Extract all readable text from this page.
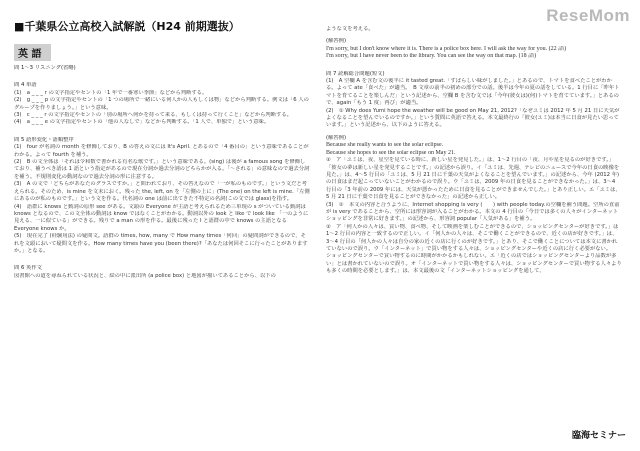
ReseMom
■千葉県公立高校入試解説（H24 前期選抜）
英 語
問 1〜3 リスニング(省略)
問 4 単語
(1)　a _ _ _ r の文字指定やセントの「1 年で一番寒い季節」などから判断する。
(2)　g _ _ _ p の文字指定やセントの「1 つの場所で一緒にいる何人かの人もしくは物」などから判断する。例文は「6 人のグループを作りましょう。」という意味。
(3)　c _ _ _ r の文字指定やセントの「別の場所へ何かを持って来る、もしくは持って行くこと」などから判断する。
(4)　a _ _ _ e の文字指定やセントの「他の人なしで」などから判断する。「1 人で、単独で」という意味。
問 5 語形変化・語順整序
(1)　four が名詞の month を修飾しており、B の答えの文には It's April. とあるので「4 番目の」という意味であることがわかる。よって fourth を補う。
(2)　B の文全体は「それは令和数で書かれる有名な歌です。」という意味である。(sing) は後が a famous song を修飾しており、補うべき語は 1 語という指定があるので現在分詞か過去分詞のどちらかが入る。「〜される」の意味なので過去分詞を補う。不規則変化の動詞なので過去分詞の形に注意する。
(3)　A の文で「どちらがあなたのグラスですか。」と問われており、その答えなので「一が私のものです。」という文だと考えられる。そのため、is mine を文末におく。残った the, left, on を「左側の上に」(The one) on the left is mine.「左側にあるのが私のものです。」という文を作る。代名詞の one は前に出てきた不特定の名詞(この文では glass)を指す。
(4)　語群に knows と動詞の原形 see がある。文頭の Everyone が主語と考えられるため三単現の s がついている動詞は knows となるので、この文全体の動詞は know ではなくことがわかる。動詞以外の look と like で look like 「一のように見える、一に似ている」ができる。残りで a man の形を作る。最後に残った I と語群の中で knows の主語となる Everyone knows か。
(5)　現在完了 (経験用法) の疑問文。語群の times, how, many で How many times「何回」の疑問詞ができるので、それを文頭において疑問文を作る。How many times have you (been there)?「あなたは何回そこに行ったことがありますか。」となる。
問 6 英作文
図書館への道を尋ねられている状況と、絵の中に派出所 (a police box) と地図が描いてあることから、以下の
ような文を考える。
(解答例)
I'm sorry, but I don't know where it is. There is a police box here. I will ask the way for you. (22 語)
I'm sorry, but I have never been to the library. You can see the way on that map. (18 語)
問 7 読解総合問題(短文)
(1)　A 空欄 A を含む文の後半に it tasted great.「すばらしい味がしました。」とあるので、トマトを食べたことがわかる。よって ate「食べた」が適当。　B 文章の前半の初めの部分での話。後半は今年の夏の話をしている。1 行目に「昨年トマトを育てることを楽しんだ」という記述から、空欄 B を含む文では「今年(彼女は)(何)トマトを育てています。」とあるので、again「もう 1 度」再び」が適当。
(2)　① Why does Yumi hope the weather will be good on May 21, 2012?「なぜユミは 2012 年 5 月 21 日に天気がよくなることを望んでいるのですか。」という質問に英語で答える。本文最終行の「彼女(ユミ)は本当に日食が見たい思っています。」という記述から、以下のように答える。
(解答例)
Because she really wants to see the solar eclipse.
Because she hopes to see the solar eclipse on May 21.
②　ア「ユミは、夜、星空を見ている時に、新しい星を発見した。」は、1〜2 行目の「夜、月や星を見るのが好きです。」「彼女の夢は新しい星を発見することです。」の記述から誤り。イ「ユミは、先週、テレビのニュースで今年の日食の映像を見た。」は、4〜5 行目の「ユミは、5 月 21 日に千葉の天気がよくなることを望んでいます。」の記述から、今年 (2012 年) の日食はまだ起こっていないことがわかるので誤り。ウ「ユミは、2009 年の日食を見ることができなかった。」は、3〜4 行目の「3 年前の 2009 年には、天気が悪かったために日食を見ることができませんでした。」とあり正しい。エ「ユミは、5 月 21 日に千葉で日食を見ることができなかった」の記述から正しい。
(3)　①　本文の内容と合うように、Internet shopping is very (　　) with people today.の空欄を補う問題。空所の直前が is very であることから、空所には形容詞が入ることがわかる。本文の 4 行目の「今日では多くの人々がインターネットショッピングを非常に好きます。」の記述から、形容詞 popular「人気がある」を補う。
②　ア「何人かの人々は、買い物、食べ物、そして映画を楽しむことができるので、ショッピングセンターが好きです。」は 1〜2 行目の内容と一致するので正しい。イ「何人かの人々は、そこで働くことができるので、近くの店が好きです。」は、3〜4 行目の「何人かの人々は自分の家の近くの店に行くのが好きです。」とあり、そこで働くことについては本文に書かれていないので誤り。ウ「インターネット」で買い物をする人々は、ショッピングセンターや近くの店に行く必要がない。
ショッピングセンターで買い物するのに時間がかかるかもしれない。エ「近くの店ではショッピングセンターより品数が多い」とは書かれていないので誤り。オ「インターネットで買い物をする人々は、ショッピングセンターで買い物する人々よりも多くの時間を必要とします。」は、本文最後の文「インターネットショッピングを通して、
臨海セミナー
